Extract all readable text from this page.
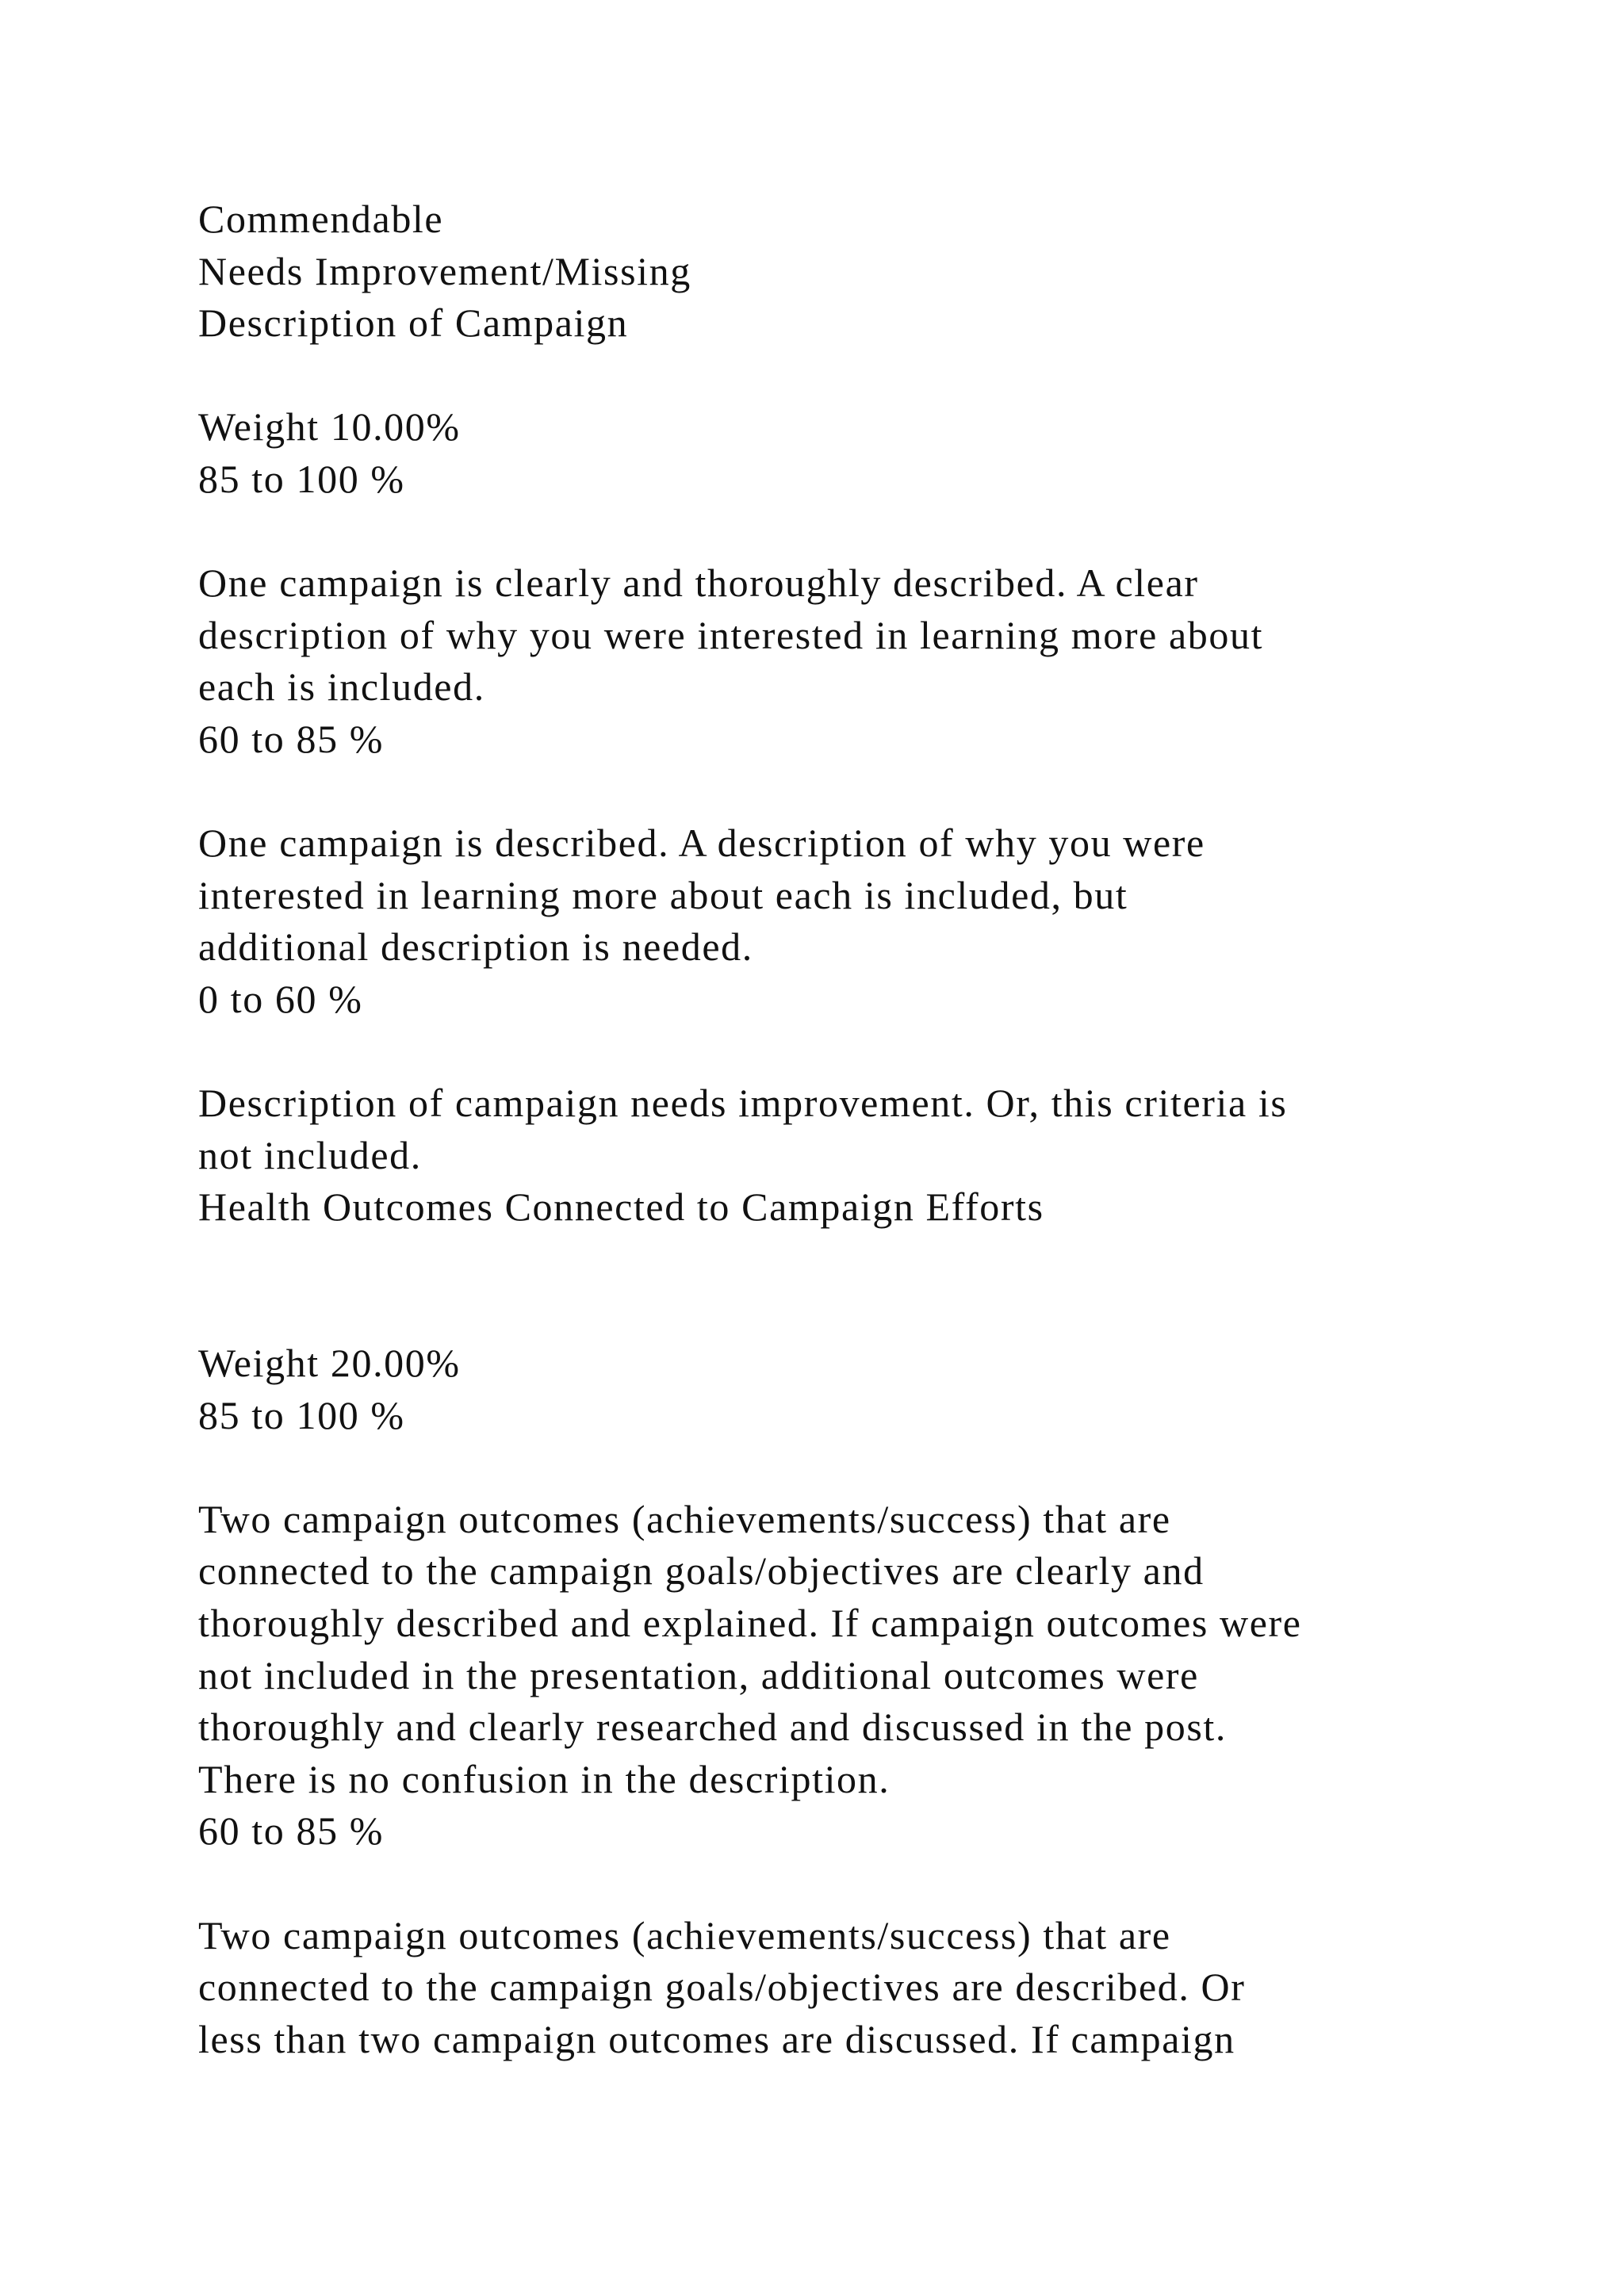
Commendable
Needs Improvement/Missing
Description of Campaign
Weight 10.00%
85 to 100 %
One campaign is clearly and thoroughly described. A clear
description of why you were interested in learning more about
each is included.
60 to 85 %
One campaign is described. A description of why you were
interested in learning more about each is included, but
additional description is needed.
0 to 60 %
Description of campaign needs improvement. Or, this criteria is
not included.
Health Outcomes Connected to Campaign Efforts
Weight 20.00%
85 to 100 %
Two campaign outcomes (achievements/success) that are
connected to the campaign goals/objectives are clearly and
thoroughly described and explained. If campaign outcomes were
not included in the presentation, additional outcomes were
thoroughly and clearly researched and discussed in the post.
There is no confusion in the description.
60 to 85 %
Two campaign outcomes (achievements/success) that are
connected to the campaign goals/objectives are described. Or
less than two campaign outcomes are discussed. If campaign
